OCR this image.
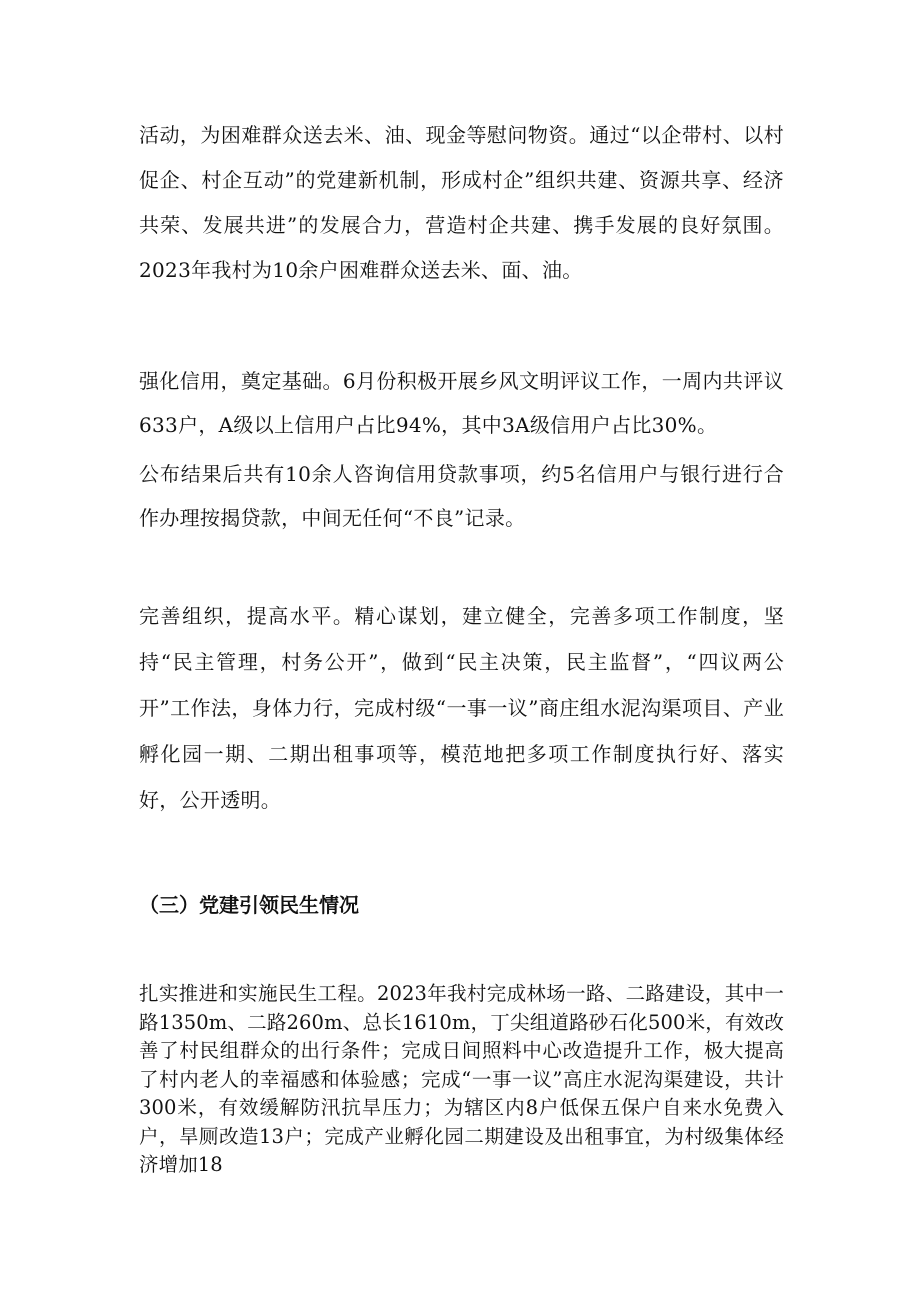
活动，为困难群众送去米、油、现金等慰问物资。通过“以企带村、以村促企、村企互动”的党建新机制，形成村企”组织共建、资源共享、经济共荣、发展共进”的发展合力，营造村企共建、携手发展的良好氛围。2023年我村为10余户困难群众送去米、面、油。

强化信用，奠定基础。6月份积极开展乡风文明评议工作，一周内共评议633户，A级以上信用户占比94%，其中3A级信用户占比30%。

公布结果后共有10余人咨询信用贷款事项，约5名信用户与银行进行合作办理按揭贷款，中间无任何“不良”记录。

完善组织，提高水平。精心谋划，建立健全，完善多项工作制度，坚持“民主管理，村务公开”，做到“民主决策，民主监督”，“四议两公开”工作法，身体力行，完成村级“一事一议”商庄组水泥沟渠项目、产业孵化园一期、二期出租事项等，模范地把多项工作制度执行好、落实好，公开透明。

（三）党建引领民生情况

扎实推进和实施民生工程。2023年我村完成林场一路、二路建设，其中一路1350m、二路260m、总长1610m，丁尖组道路砂石化500米，有效改善了村民组群众的出行条件；完成日间照料中心改造提升工作，极大提高了村内老人的幸福感和体验感；完成“一事一议”高庄水泥沟渠建设，共计300米，有效缓解防汛抗旱压力；为辖区内8户低保五保户自来水免费入户，旱厕改造13户；完成产业孵化园二期建设及出租事宜，为村级集体经济增加18
